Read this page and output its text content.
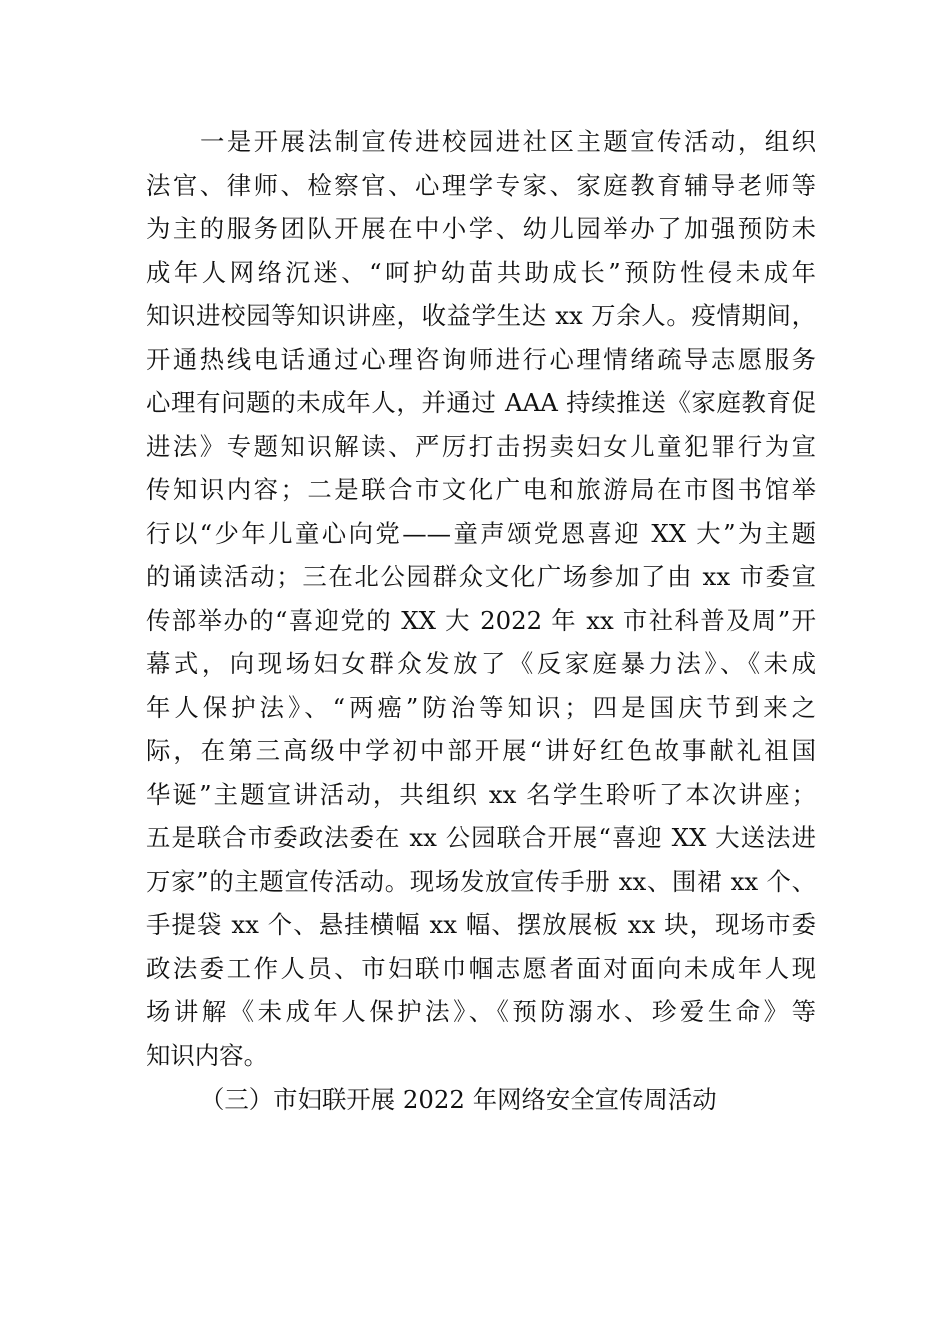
一是开展法制宣传进校园进社区主题宣传活动，组织
法官、律师、检察官、心理学专家、家庭教育辅导老师等
为主的服务团队开展在中小学、幼儿园举办了加强预防未
成年人网络沉迷、“呵护幼苗共助成长”预防性侵未成年
知识进校园等知识讲座，收益学生达 xx 万余人。疫情期间，
开通热线电话通过心理咨询师进行心理情绪疏导志愿服务
心理有问题的未成年人，并通过 AAA 持续推送《家庭教育促
进法》专题知识解读、严厉打击拐卖妇女儿童犯罪行为宣
传知识内容；二是联合市文化广电和旅游局在市图书馆举
行以“少年儿童心向党——童声颂党恩喜迎 XX 大”为主题
的诵读活动；三在北公园群众文化广场参加了由 xx 市委宣
传部举办的“喜迎党的 XX 大 2022 年 xx 市社科普及周”开
幕式，向现场妇女群众发放了《反家庭暴力法》、《未成
年人保护法》、“两癌”防治等知识；四是国庆节到来之
际，在第三高级中学初中部开展“讲好红色故事献礼祖国
华诞”主题宣讲活动，共组织 xx 名学生聆听了本次讲座；
五是联合市委政法委在 xx 公园联合开展“喜迎 XX 大送法进
万家”的主题宣传活动。现场发放宣传手册 xx、围裙 xx 个、
手提袋 xx 个、悬挂横幅 xx 幅、摆放展板 xx 块，现场市委
政法委工作人员、市妇联巾帼志愿者面对面向未成年人现
场讲解《未成年人保护法》、《预防溺水、珍爱生命》等
知识内容。
（三）市妇联开展 2022 年网络安全宣传周活动
